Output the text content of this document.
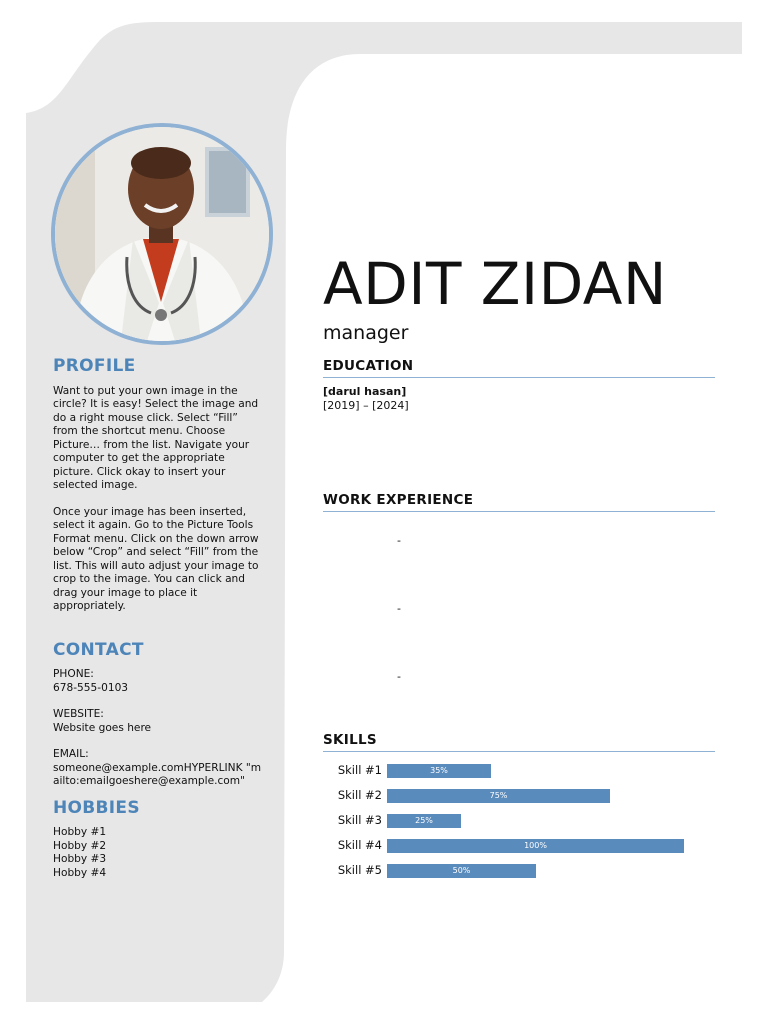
PROFILE

Want to put your own image in the circle? It is easy! Select the image and do a right mouse click. Select “Fill” from the shortcut menu. Choose Picture… from the list. Navigate your computer to get the appropriate picture. Click okay to insert your selected image.

Once your image has been inserted, select it again. Go to the Picture Tools Format menu. Click on the down arrow below “Crop” and select “Fill” from the list. This will auto adjust your image to crop to the image. You can click and drag your image to place it appropriately.

CONTACT

PHONE:

678-555-0103

WEBSITE:

Website goes here

EMAIL:

someone@example.comHYPERLINK "mailto:emailgoeshere@example.com"

HOBBIES
Hobby #1
Hobby #2
Hobby #3
Hobby #4
ADIT ZIDAN
manager
EDUCATION
[darul hasan]
[2019] – [2024]
WORK EXPERIENCE
-
-
-
SKILLS
Skill #1	35%
Skill #2	75%
Skill #3	25%
Skill #4	100%
Skill #5	50%
